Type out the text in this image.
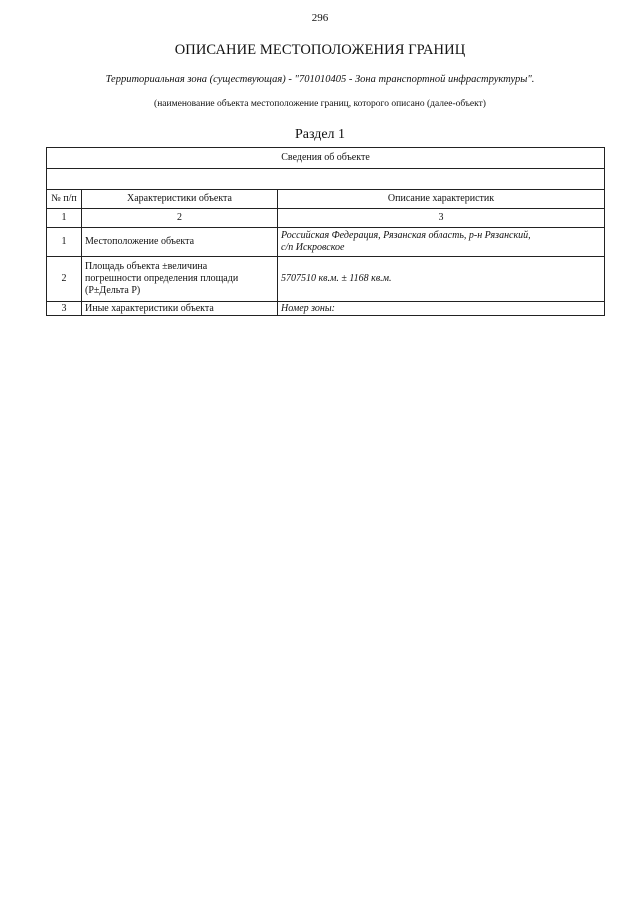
296
ОПИСАНИЕ МЕСТОПОЛОЖЕНИЯ ГРАНИЦ
Территориальная зона (существующая) - "701010405 - Зона транспортной инфраструктуры".
(наименование объекта местоположение границ, которого описано (далее-объект)
Раздел 1
Сведения об объекте		

№ п/п	Характеристики объекта	Описание характеристик
1	2	3
1	Местоположение объекта	Российская Федерация, Рязанская область, р-н Рязанский,
с/п Искровское

2	Площадь объекта ±величина
погрешности определения площади
(Р±Дельта Р)	5707510 кв.м. ± 1168 кв.м.
3	Иные характеристики объекта	Номер зоны:
